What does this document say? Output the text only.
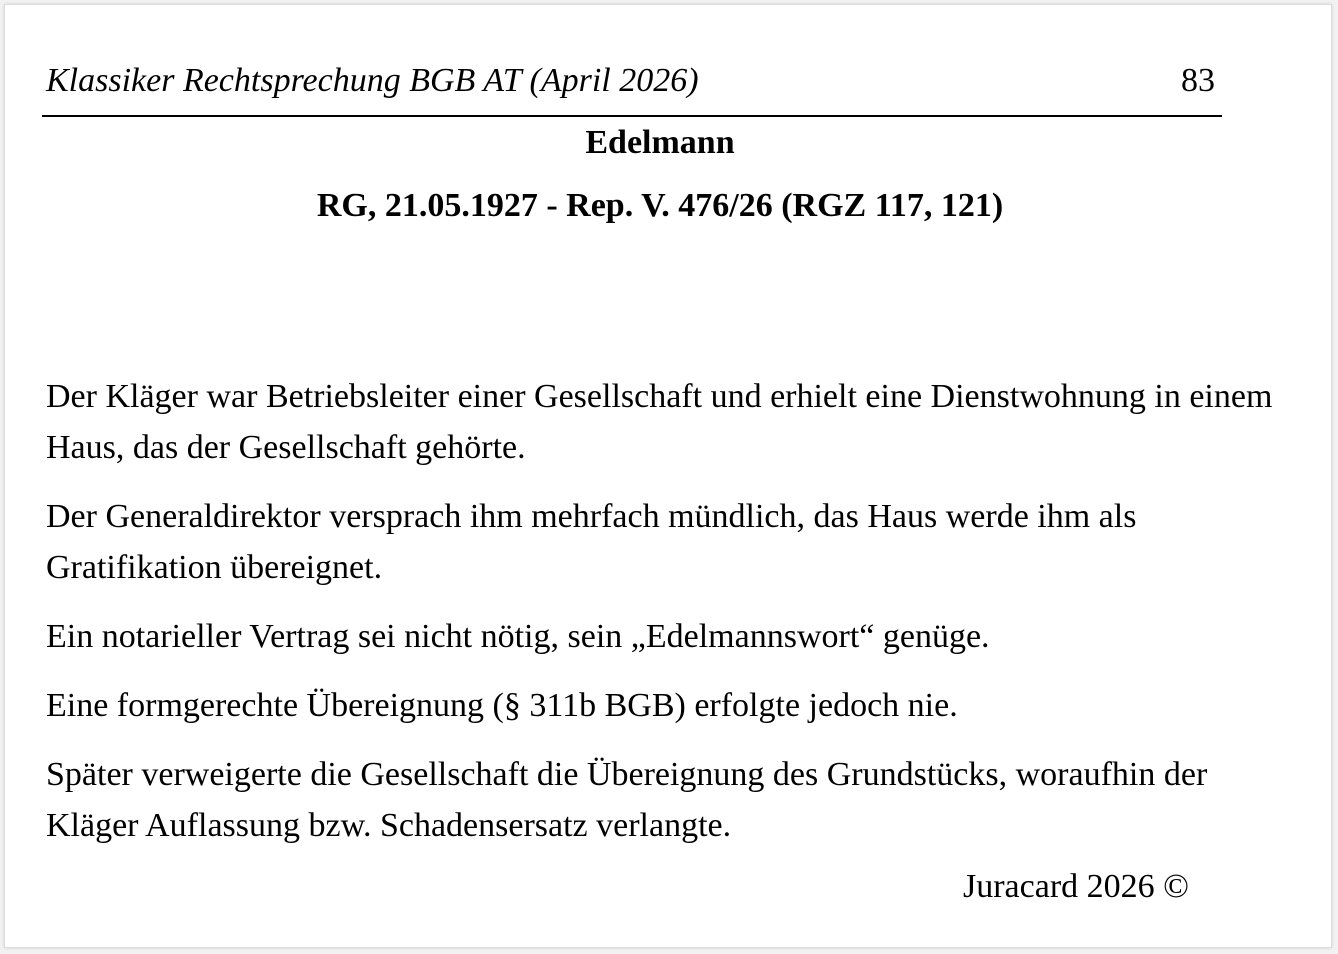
Klassiker Rechtsprechung BGB AT (April 2026)	83
Edelmann
RG, 21.05.1927 - Rep. V. 476/26 (RGZ 117, 121)

Der Kläger war Betriebsleiter einer Gesellschaft und erhielt eine Dienstwohnung in einem Haus, das der Gesellschaft gehörte.

Der Generaldirektor versprach ihm mehrfach mündlich, das Haus werde ihm als Gratifikation übereignet.

Ein notarieller Vertrag sei nicht nötig, sein „Edelmannswort“ genüge.

Eine formgerechte Übereignung (§ 311b BGB) erfolgte jedoch nie.

Später verweigerte die Gesellschaft die Übereignung des Grundstücks, woraufhin der Kläger Auflassung bzw. Schadensersatz verlangte.

Juracard 2026 ©
